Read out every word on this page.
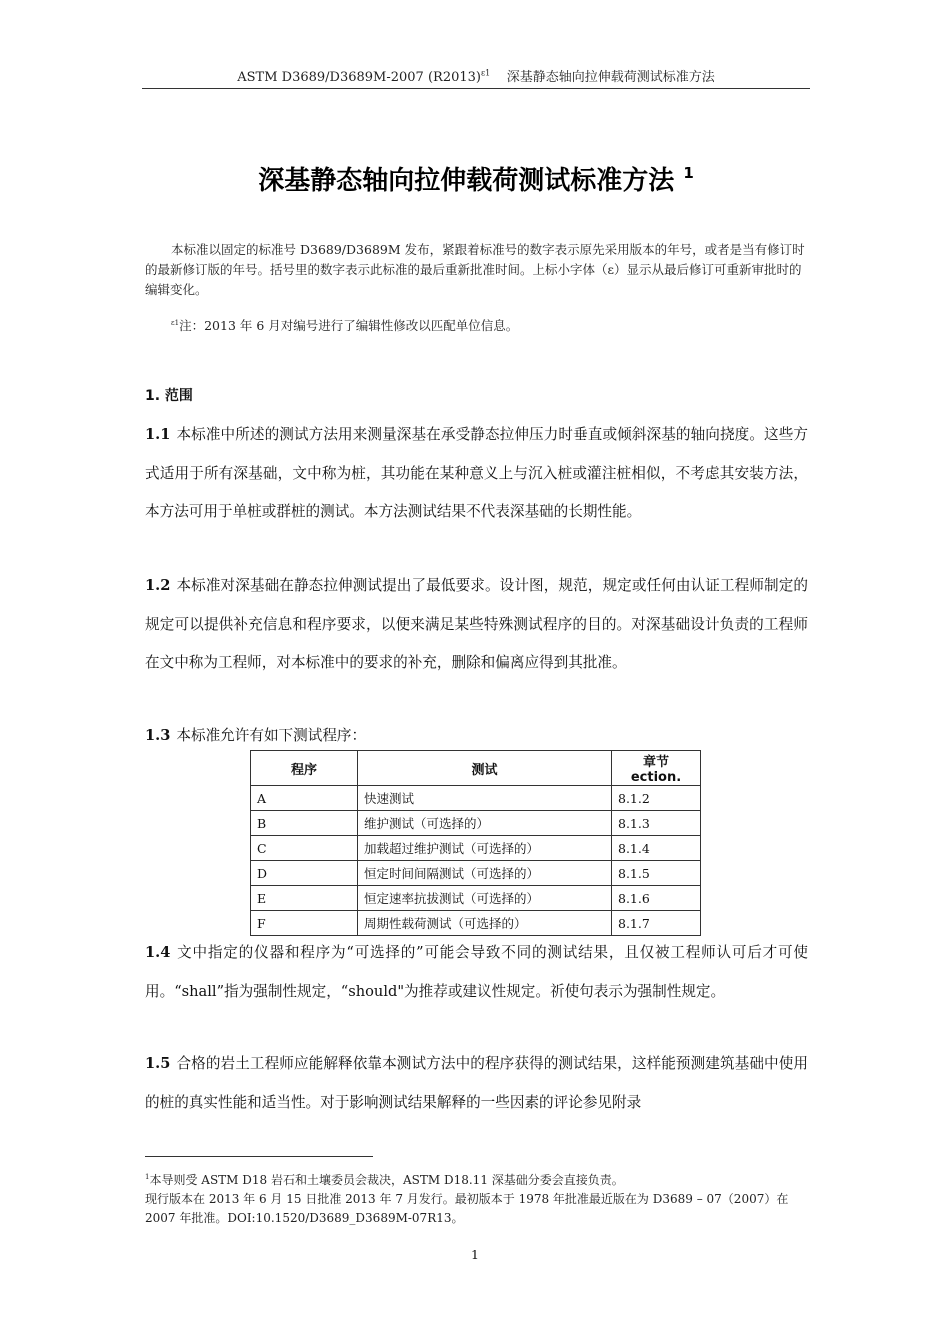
ASTM D3689/D3689M-2007 $(R2013)^{\varepsilon 1}$ 深基静态轴向拉伸载荷测试标准方法
深基静态轴向拉伸载荷测试标准方法 $^1$
本标准以固定的标准号 D3689/D3689M 发布，紧跟着标准号的数字表示原先采用版本的年号，或者是当有修订时的最新修订版的年号。括号里的数字表示此标准的最后重新批准时间。上标小字体（ε）显示从最后修订可重新审批时的编辑变化。
$^{\varepsilon 1}$注：2013 年 6 月对编号进行了编辑性修改以匹配单位信息。
1. 范围
1.1 本标准中所述的测试方法用来测量深基在承受静态拉伸压力时垂直或倾斜深基的轴向挠度。这些方式适用于所有深基础，文中称为桩，其功能在某种意义上与沉入桩或灌注桩相似，不考虑其安装方法，本方法可用于单桩或群桩的测试。本方法测试结果不代表深基础的长期性能。
1.2 本标准对深基础在静态拉伸测试提出了最低要求。设计图，规范，规定或任何由认证工程师制定的规定可以提供补充信息和程序要求，以便来满足某些特殊测试程序的目的。对深基础设计负责的工程师在文中称为工程师，对本标准中的要求的补充，删除和偏离应得到其批准。
1.3 本标准允许有如下测试程序：
程序	测试	章节 ection.
A	快速测试	8.1.2
B	维护测试（可选择的）	8.1.3
C	加载超过维护测试（可选择的）	8.1.4
D	恒定时间间隔测试（可选择的）	8.1.5
E	恒定速率抗拔测试（可选择的）	8.1.6
F	周期性载荷测试（可选择的）	8.1.7
1.4 文中指定的仪器和程序为“可选择的”可能会导致不同的测试结果，且仅被工程师认可后才可使用。“shall”指为强制性规定，“should"为推荐或建议性规定。祈使句表示为强制性规定。
1.5 合格的岩土工程师应能解释依靠本测试方法中的程序获得的测试结果，这样能预测建筑基础中使用的桩的真实性能和适当性。对于影响测试结果解释的一些因素的评论参见附录
$^1$本导则受 ASTM D18 岩石和土壤委员会裁决，ASTM D18.11 深基础分委会直接负责。
现行版本在 2013 年 6 月 15 日批准 2013 年 7 月发行。最初版本于 1978 年批准最近版在为 D3689 – 07（2007）在 2007 年批准。DOI:10.1520/D3689_D3689M-07R13。
1
